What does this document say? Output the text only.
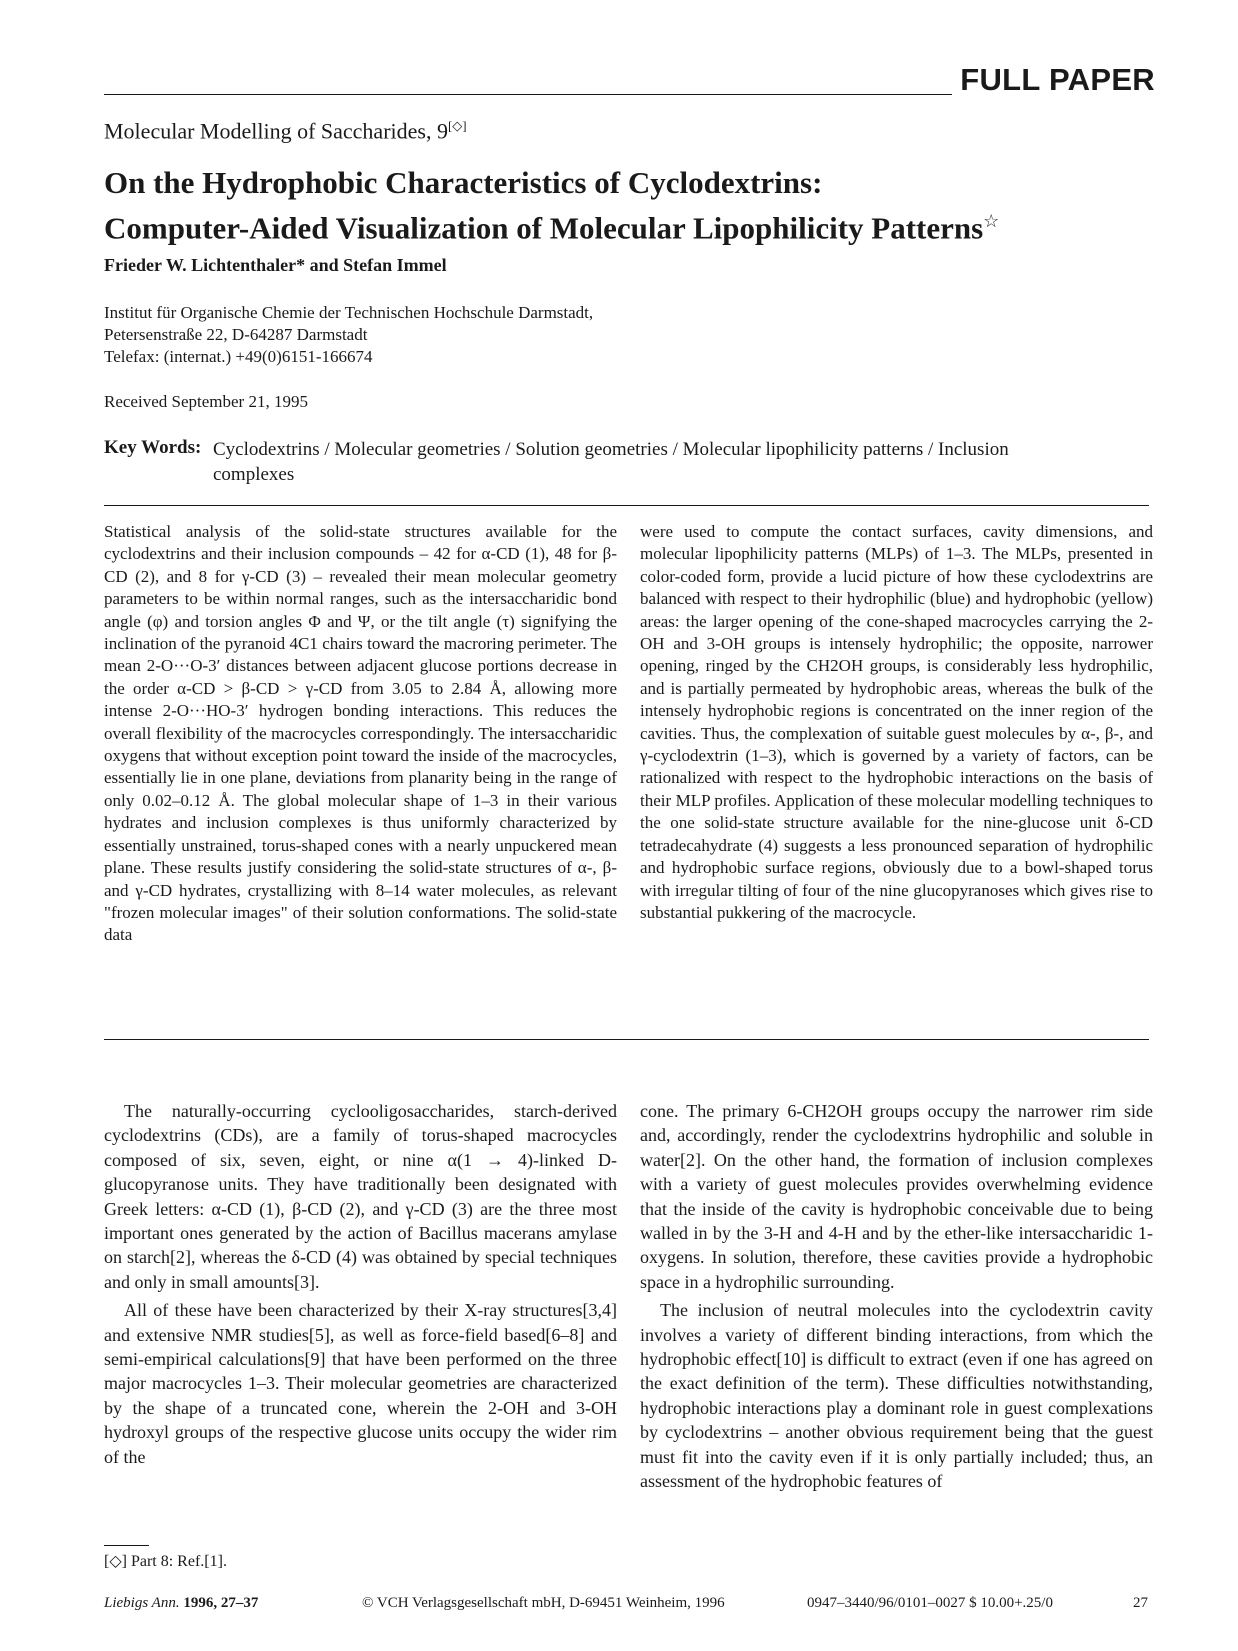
FULL PAPER
Molecular Modelling of Saccharides, 9[◇]
On the Hydrophobic Characteristics of Cyclodextrins:
Computer-Aided Visualization of Molecular Lipophilicity Patterns☆
Frieder W. Lichtenthaler* and Stefan Immel
Institut für Organische Chemie der Technischen Hochschule Darmstadt,
Petersenstraße 22, D-64287 Darmstadt
Telefax: (internat.) +49(0)6151-166674
Received September 21, 1995
Key Words: Cyclodextrins / Molecular geometries / Solution geometries / Molecular lipophilicity patterns / Inclusion complexes
Statistical analysis of the solid-state structures available for the cyclodextrins and their inclusion compounds – 42 for α-CD (1), 48 for β-CD (2), and 8 for γ-CD (3) – revealed their mean molecular geometry parameters to be within normal ranges, such as the intersaccharidic bond angle (φ) and torsion angles Φ and Ψ, or the tilt angle (τ) signifying the inclination of the pyranoid 4C1 chairs toward the macroring perimeter. The mean 2-O···O-3′ distances between adjacent glucose portions decrease in the order α-CD > β-CD > γ-CD from 3.05 to 2.84 Å, allowing more intense 2-O···HO-3′ hydrogen bonding interactions. This reduces the overall flexibility of the macrocycles correspondingly. The intersaccharidic oxygens that without exception point toward the inside of the macrocycles, essentially lie in one plane, deviations from planarity being in the range of only 0.02–0.12 Å. The global molecular shape of 1–3 in their various hydrates and inclusion complexes is thus uniformly characterized by essentially unstrained, torus-shaped cones with a nearly unpuckered mean plane. These results justify considering the solid-state structures of α-, β- and γ-CD hydrates, crystallizing with 8–14 water molecules, as relevant "frozen molecular images" of their solution conformations. The solid-state data
were used to compute the contact surfaces, cavity dimensions, and molecular lipophilicity patterns (MLPs) of 1–3. The MLPs, presented in color-coded form, provide a lucid picture of how these cyclodextrins are balanced with respect to their hydrophilic (blue) and hydrophobic (yellow) areas: the larger opening of the cone-shaped macrocycles carrying the 2-OH and 3-OH groups is intensely hydrophilic; the opposite, narrower opening, ringed by the CH2OH groups, is considerably less hydrophilic, and is partially permeated by hydrophobic areas, whereas the bulk of the intensely hydrophobic regions is concentrated on the inner region of the cavities. Thus, the complexation of suitable guest molecules by α-, β-, and γ-cyclodextrin (1–3), which is governed by a variety of factors, can be rationalized with respect to the hydrophobic interactions on the basis of their MLP profiles. Application of these molecular modelling techniques to the one solid-state structure available for the nine-glucose unit δ-CD tetradecahydrate (4) suggests a less pronounced separation of hydrophilic and hydrophobic surface regions, obviously due to a bowl-shaped torus with irregular tilting of four of the nine glucopyranoses which gives rise to substantial pukkering of the macrocycle.

The naturally-occurring cyclooligosaccharides, starch-derived cyclodextrins (CDs), are a family of torus-shaped macrocycles composed of six, seven, eight, or nine α(1 → 4)-linked D-glucopyranose units. They have traditionally been designated with Greek letters: α-CD (1), β-CD (2), and γ-CD (3) are the three most important ones generated by the action of Bacillus macerans amylase on starch[2], whereas the δ-CD (4) was obtained by special techniques and only in small amounts[3].

All of these have been characterized by their X-ray structures[3,4] and extensive NMR studies[5], as well as force-field based[6–8] and semi-empirical calculations[9] that have been performed on the three major macrocycles 1–3. Their molecular geometries are characterized by the shape of a truncated cone, wherein the 2-OH and 3-OH hydroxyl groups of the respective glucose units occupy the wider rim of the

cone. The primary 6-CH2OH groups occupy the narrower rim side and, accordingly, render the cyclodextrins hydrophilic and soluble in water[2]. On the other hand, the formation of inclusion complexes with a variety of guest molecules provides overwhelming evidence that the inside of the cavity is hydrophobic conceivable due to being walled in by the 3-H and 4-H and by the ether-like intersaccharidic 1-oxygens. In solution, therefore, these cavities provide a hydrophobic space in a hydrophilic surrounding.

The inclusion of neutral molecules into the cyclodextrin cavity involves a variety of different binding interactions, from which the hydrophobic effect[10] is difficult to extract (even if one has agreed on the exact definition of the term). These difficulties notwithstanding, hydrophobic interactions play a dominant role in guest complexations by cyclodextrins – another obvious requirement being that the guest must fit into the cavity even if it is only partially included; thus, an assessment of the hydrophobic features of

[◇] Part 8: Ref.[1].
Liebigs Ann. 1996, 27–37	© VCH Verlagsgesellschaft mbH, D-69451 Weinheim, 1996	0947–3440/96/0101–0027 $ 10.00+.25/0	27
